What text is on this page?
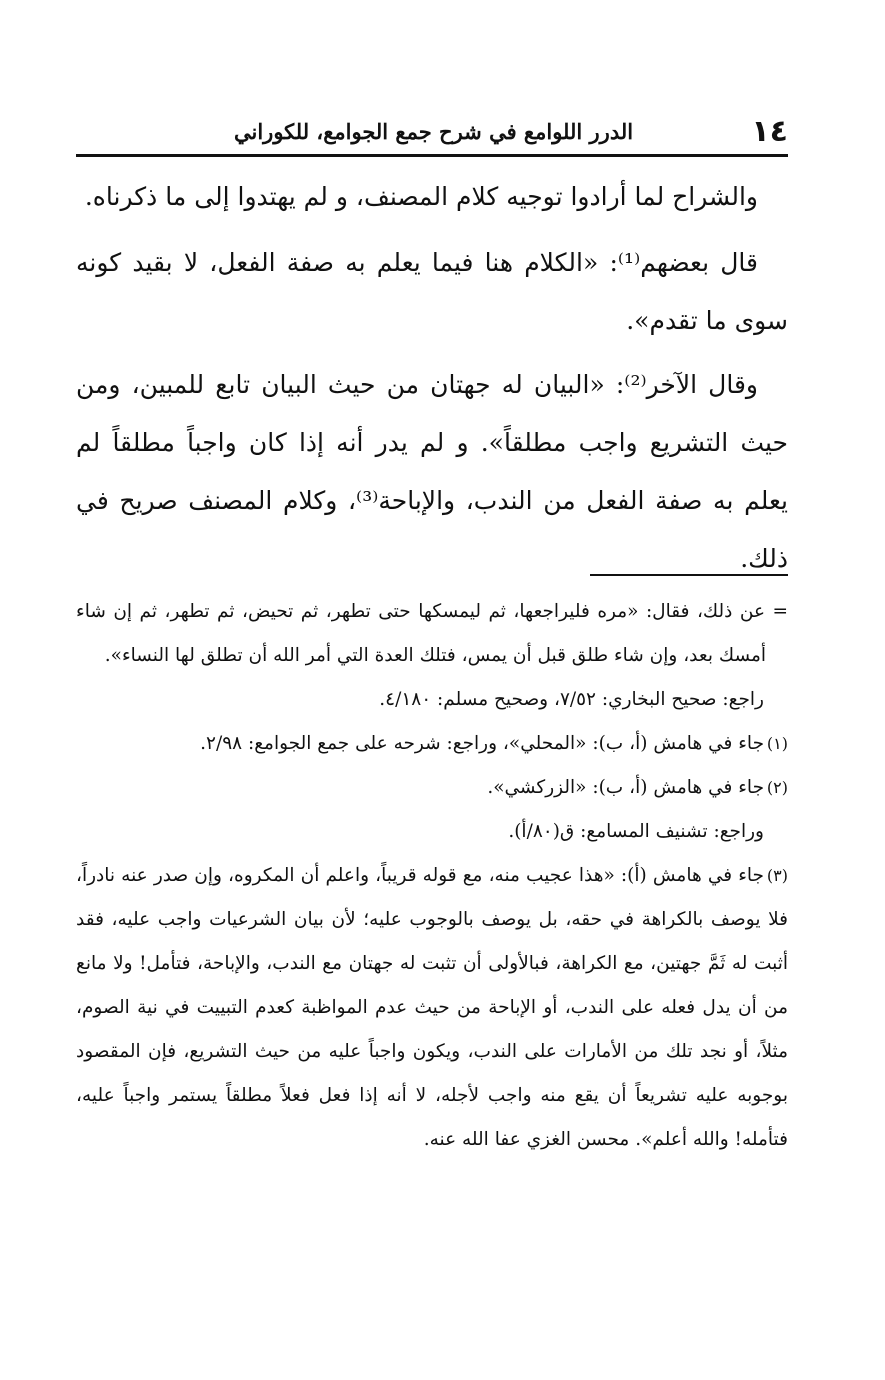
١٤
الدرر اللوامع في شرح جمع الجوامع، للكوراني

والشراح لما أرادوا توجيه كلام المصنف، و لم يهتدوا إلى ما ذكرناه.

قال بعضهم⁽¹⁾: «الكلام هنا فيما يعلم به صفة الفعل، لا بقيد كونه سوى ما تقدم».

وقال الآخر⁽²⁾: «البيان له جهتان من حيث البيان تابع للمبين، ومن حيث التشريع واجب مطلقاً». و لم يدر أنه إذا كان واجباً مطلقاً لم يعلم به صفة الفعل من الندب، والإباحة⁽³⁾، وكلام المصنف صريح في ذلك.

= عن ذلك، فقال: «مره فليراجعها، ثم ليمسكها حتى تطهر، ثم تحيض، ثم تطهر، ثم إن شاء أمسك بعد، وإن شاء طلق قبل أن يمس، فتلك العدة التي أمر الله أن تطلق لها النساء».

راجع: صحيح البخاري: ٧/٥٢، وصحيح مسلم: ٤/١٨٠.

(١)جاء في هامش (أ، ب): «المحلي»، وراجع: شرحه على جمع الجوامع: ٢/٩٨.

(٢)جاء في هامش (أ، ب): «الزركشي».

وراجع: تشنيف المسامع: ق(٨٠/أ).

(٣)جاء في هامش (أ): «هذا عجيب منه، مع قوله قريباً، واعلم أن المكروه، وإن صدر عنه نادراً، فلا يوصف بالكراهة في حقه، بل يوصف بالوجوب عليه؛ لأن بيان الشرعيات واجب عليه، فقد أثبت له ثَمَّ جهتين، مع الكراهة، فبالأولى أن تثبت له جهتان مع الندب، والإباحة، فتأمل! ولا مانع من أن يدل فعله على الندب، أو الإباحة من حيث عدم المواظبة كعدم التبييت في نية الصوم، مثلاً، أو نجد تلك من الأمارات على الندب، ويكون واجباً عليه من حيث التشريع، فإن المقصود بوجوبه عليه تشريعاً أن يقع منه واجب لأجله، لا أنه إذا فعل فعلاً مطلقاً يستمر واجباً عليه، فتأمله! والله أعلم». محسن الغزي عفا الله عنه.
